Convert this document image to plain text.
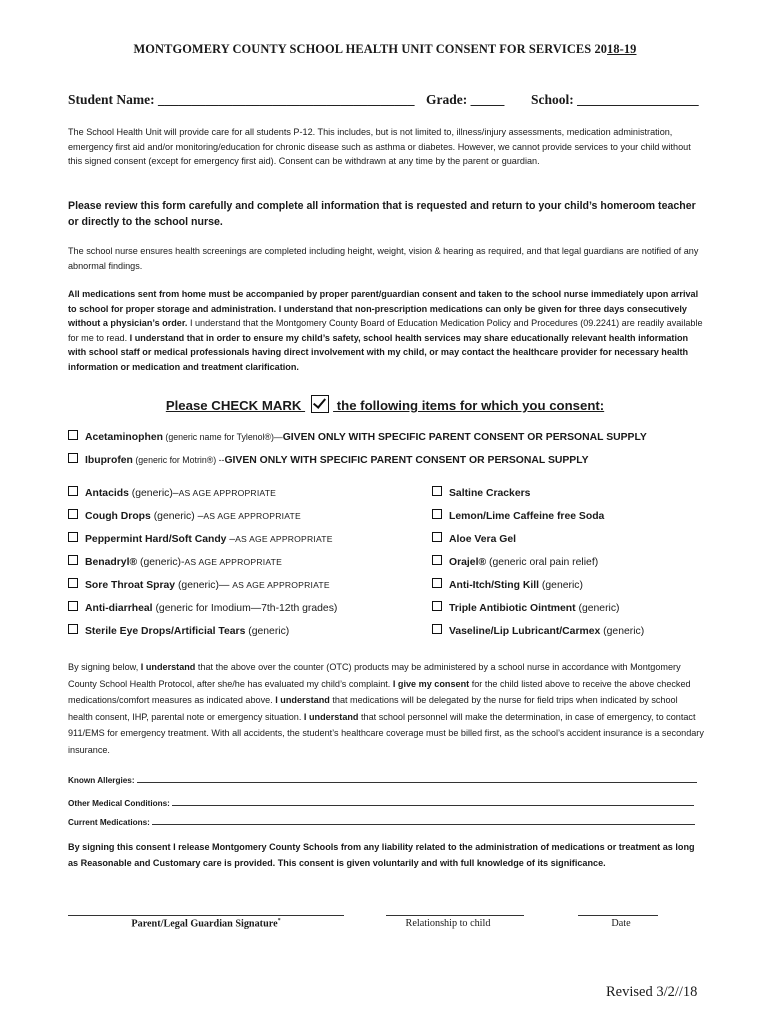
MONTGOMERY COUNTY SCHOOL HEALTH UNIT CONSENT FOR SERVICES 2018-19
Student Name: ______________________________________ Grade: _____ School: __________________
The School Health Unit will provide care for all students P-12. This includes, but is not limited to, illness/injury assessments, medication administration, emergency first aid and/or monitoring/education for chronic disease such as asthma or diabetes. However, we cannot provide services to your child without this signed consent (except for emergency first aid). Consent can be withdrawn at any time by the parent or guardian.
Please review this form carefully and complete all information that is requested and return to your child’s homeroom teacher or directly to the school nurse.
The school nurse ensures health screenings are completed including height, weight, vision & hearing as required, and that legal guardians are notified of any abnormal findings.
All medications sent from home must be accompanied by proper parent/guardian consent and taken to the school nurse immediately upon arrival to school for proper storage and administration. I understand that non-prescription medications can only be given for three days consecutively without a physician’s order. I understand that the Montgomery County Board of Education Medication Policy and Procedures (09.2241) are readily available for me to read. I understand that in order to ensure my child’s safety, school health services may share educationally relevant health information with school staff or medical professionals having direct involvement with my child, or may contact the healthcare provider for necessary health information or medication and treatment clarification.
Please CHECK MARK  the following items for which you consent:
Acetaminophen (generic name for Tylenol®)—GIVEN ONLY WITH SPECIFIC PARENT CONSENT OR PERSONAL SUPPLY
Ibuprofen (generic for Motrin®) --GIVEN ONLY WITH SPECIFIC PARENT CONSENT OR PERSONAL SUPPLY
Antacids (generic)–AS AGE APPROPRIATE
Cough Drops (generic) –AS AGE APPROPRIATE
Peppermint Hard/Soft Candy –AS AGE APPROPRIATE
Benadryl® (generic)-AS AGE APPROPRIATE
Sore Throat Spray (generic)— AS AGE APPROPRIATE
Anti-diarrheal (generic for Imodium—7th-12th grades)
Sterile Eye Drops/Artificial Tears (generic)
Saltine Crackers
Lemon/Lime Caffeine free Soda
Aloe Vera Gel
Orajel® (generic oral pain relief)
Anti-Itch/Sting Kill (generic)
Triple Antibiotic Ointment (generic)
Vaseline/Lip Lubricant/Carmex (generic)
By signing below, I understand that the above over the counter (OTC) products may be administered by a school nurse in accordance with Montgomery County School Health Protocol, after she/he has evaluated my child’s complaint. I give my consent for the child listed above to receive the above checked medications/comfort measures as indicated above. I understand that medications will be delegated by the nurse for field trips when indicated by school health consent, IHP, parental note or emergency situation. I understand that school personnel will make the determination, in case of emergency, to contact 911/EMS for emergency treatment. With all accidents, the student’s healthcare coverage must be billed first, as the school’s accident insurance is a secondary insurance.
Known Allergies:
Other Medical Conditions:
Current Medications:
By signing this consent I release Montgomery County Schools from any liability related to the administration of medications or treatment as long as Reasonable and Customary care is provided. This consent is given voluntarily and with full knowledge of its significance.
Parent/Legal Guardian Signature*	Relationship to child	Date
Revised 3/2//18
